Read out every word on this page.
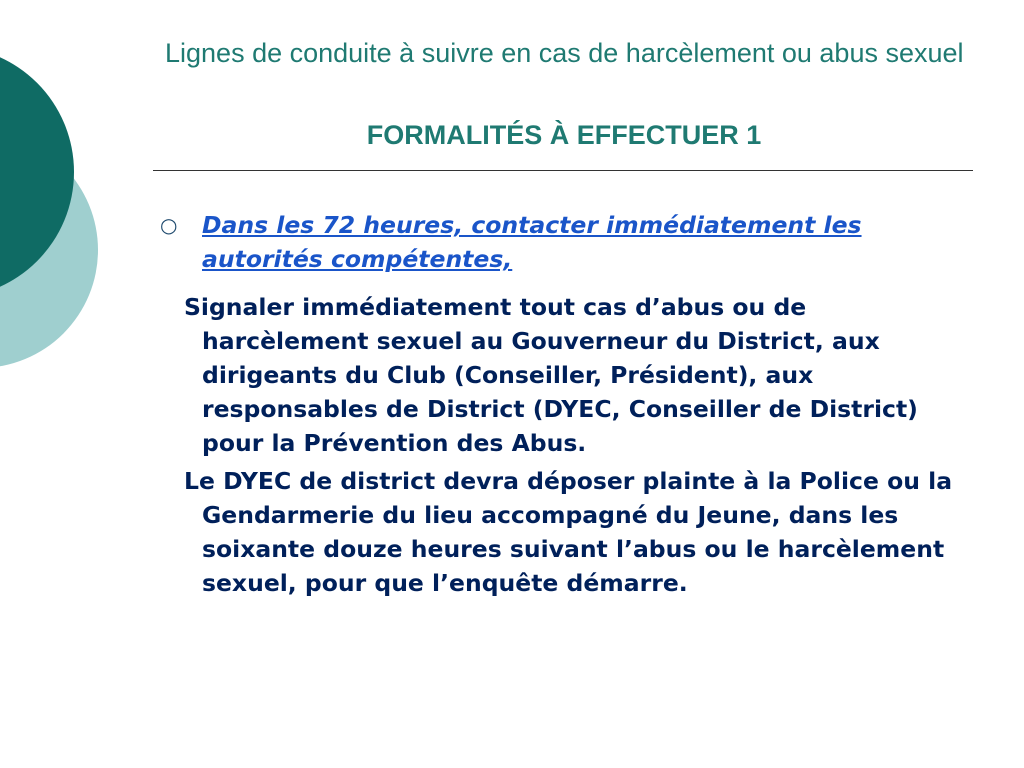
Lignes de conduite à suivre en cas de harcèlement ou abus sexuel
FORMALITÉS À EFFECTUER 1
○ Dans les 72 heures, contacter immédiatement les autorités compétentes,

Signaler immédiatement tout cas d’abus ou de harcèlement sexuel au Gouverneur du District, aux dirigeants du Club (Conseiller, Président), aux responsables de District (DYEC, Conseiller de District) pour la Prévention des Abus.

Le DYEC de district devra déposer plainte à la Police ou la Gendarmerie du lieu accompagné du Jeune, dans les soixante douze heures suivant l’abus ou le harcèlement sexuel, pour que l’enquête démarre.
